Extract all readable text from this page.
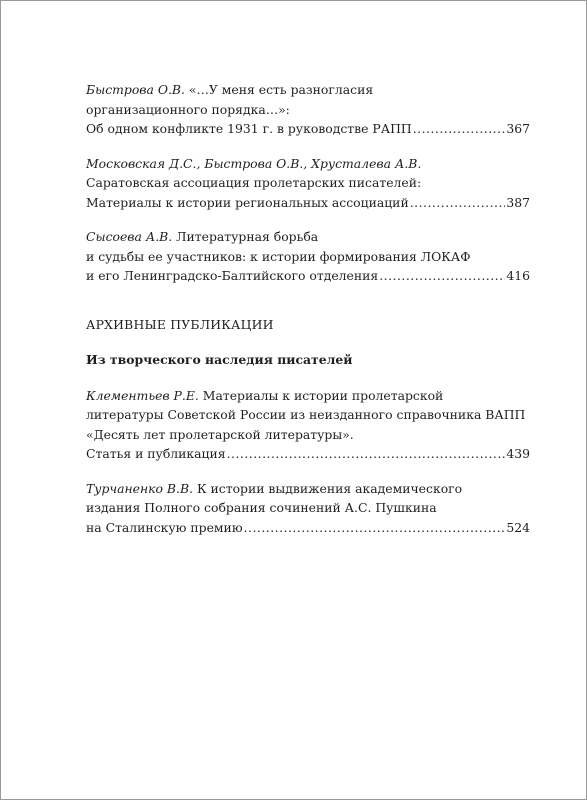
Быстрова О.В. «…У меня есть разногласия
организационного порядка…»:
Об одном конфликте 1931 г. в руководстве РАПП .....	367
Московская Д.С., Быстрова О.В., Хрусталева А.В.
Саратовская ассоциация пролетарских писателей:
Материалы к истории региональных ассоциаций .....	387
Сысоева А.В. Литературная борьба
и судьбы ее участников: к истории формирования ЛОКАФ
и его Ленинградско-Балтийского отделения .....	416
АРХИВНЫЕ ПУБЛИКАЦИИ
Из творческого наследия писателей
Клементьев Р.Е. Материалы к истории пролетарской
литературы Советской России из неизданного справочника ВАПП
«Десять лет пролетарской литературы».
Статья и публикация .....	439
Турчаненко В.В. К истории выдвижения академического
издания Полного собрания сочинений А.С. Пушкина
на Сталинскую премию .....	524
